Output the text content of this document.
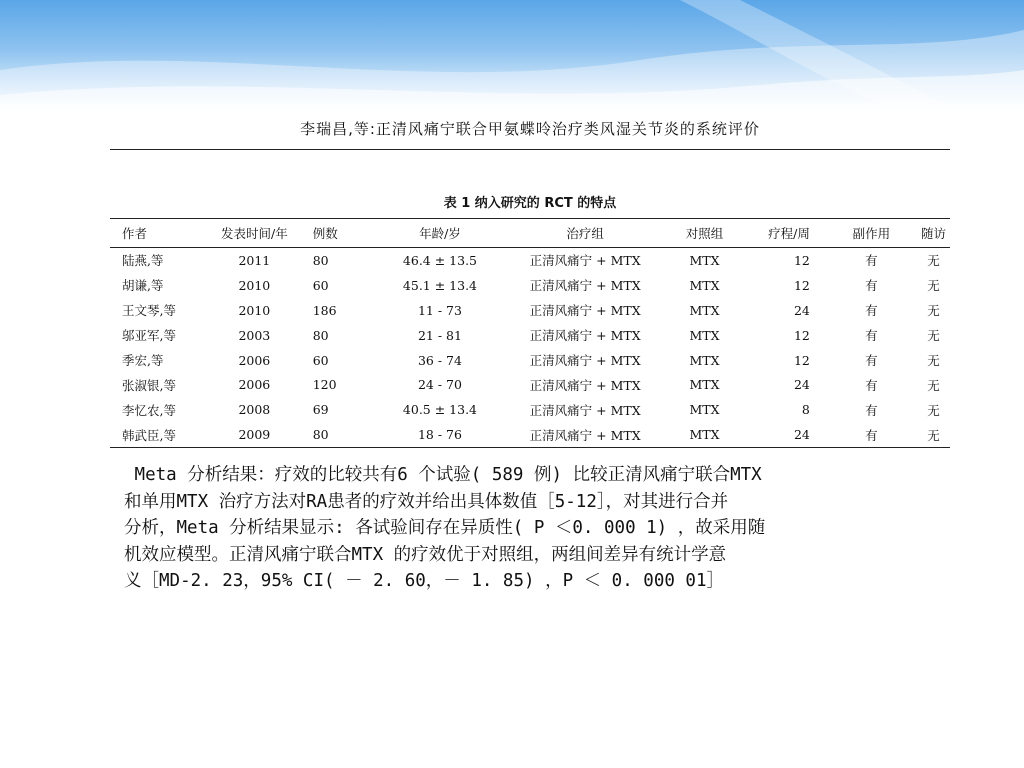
李瑞昌,等:正清风痛宁联合甲氨蝶呤治疗类风湿关节炎的系统评价
表 1 纳入研究的 RCT 的特点
作者	发表时间/年	例数	年龄/岁	治疗组	对照组	疗程/周	副作用	随访
陆燕,等	2011	80	46.4 ± 13.5	正清风痛宁 + MTX	MTX	12	有	无
胡谦,等	2010	60	45.1 ± 13.4	正清风痛宁 + MTX	MTX	12	有	无
王文琴,等	2010	186	11 - 73	正清风痛宁 + MTX	MTX	24	有	无
邬亚军,等	2003	80	21 - 81	正清风痛宁 + MTX	MTX	12	有	无
季宏,等	2006	60	36 - 74	正清风痛宁 + MTX	MTX	12	有	无
张淑银,等	2006	120	24 - 70	正清风痛宁 + MTX	MTX	24	有	无
李忆农,等	2008	69	40.5 ± 13.4	正清风痛宁 + MTX	MTX	8	有	无
韩武臣,等	2009	80	18 - 76	正清风痛宁 + MTX	MTX	24	有	无
Meta 分析结果：疗效的比较共有6 个试验( 589 例) 比较正清风痛宁联合MTX
和单用MTX 治疗方法对RA患者的疗效并给出具体数值［5-12］，对其进行合并
分析，Meta 分析结果显示: 各试验间存在异质性( P ＜0. 000 1) ，故采用随
机效应模型。正清风痛宁联合MTX 的疗效优于对照组，两组间差异有统计学意
义［MD-2. 23，95% CI( － 2. 60，－ 1. 85) ，P ＜ 0. 000 01］
